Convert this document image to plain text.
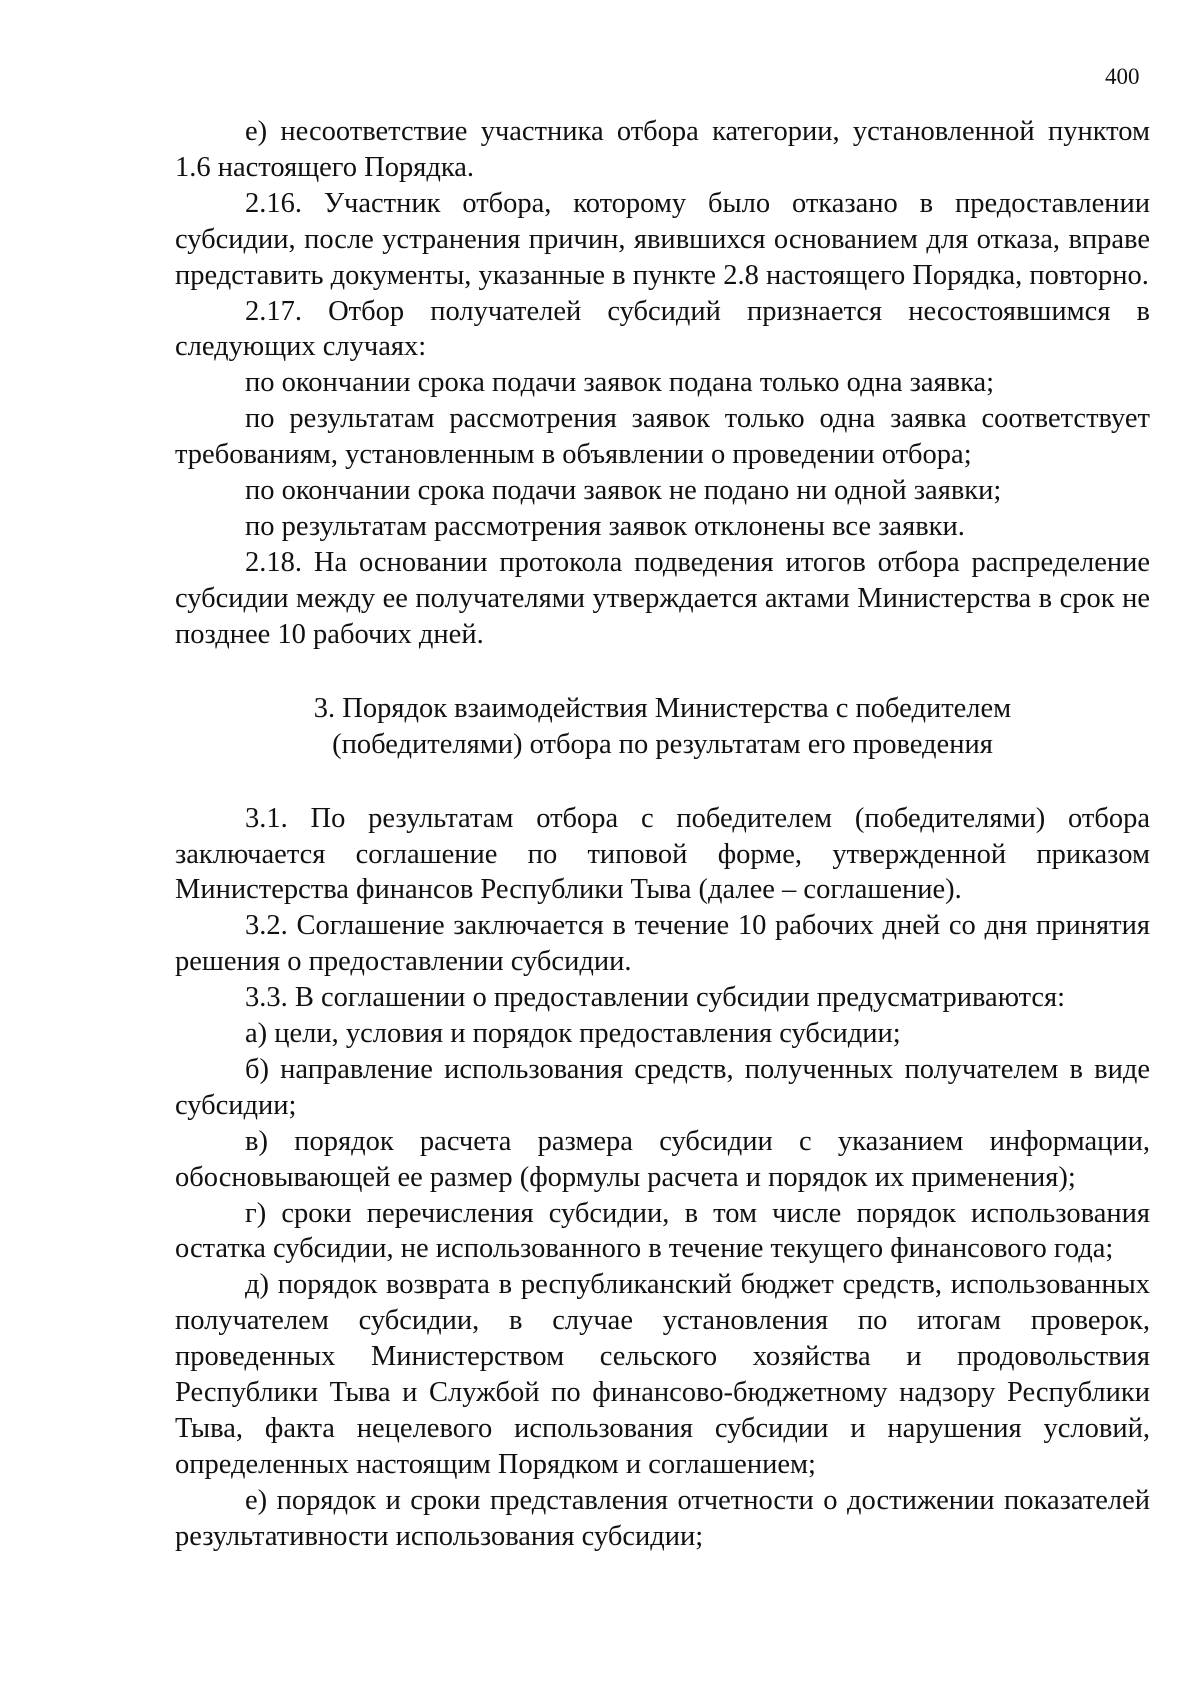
400

е) несоответствие участника отбора категории, установленной пунктом 1.6 настоящего Порядка.

2.16. Участник отбора, которому было отказано в предоставлении субсидии, после устранения причин, явившихся основанием для отказа, вправе представить документы, указанные в пункте 2.8 настоящего Порядка, повторно.

2.17. Отбор получателей субсидий признается несостоявшимся в следующих случаях:

по окончании срока подачи заявок подана только одна заявка;

по результатам рассмотрения заявок только одна заявка соответствует требованиям, установленным в объявлении о проведении отбора;

по окончании срока подачи заявок не подано ни одной заявки;

по результатам рассмотрения заявок отклонены все заявки.

2.18. На основании протокола подведения итогов отбора распределение субсидии между ее получателями утверждается актами Министерства в срок не позднее 10 рабочих дней.

3. Порядок взаимодействия Министерства с победителем
(победителями) отбора по результатам его проведения

3.1. По результатам отбора с победителем (победителями) отбора заключается соглашение по типовой форме, утвержденной приказом Министерства финансов Республики Тыва (далее – соглашение).

3.2. Соглашение заключается в течение 10 рабочих дней со дня принятия решения о предоставлении субсидии.

3.3. В соглашении о предоставлении субсидии предусматриваются:

а) цели, условия и порядок предоставления субсидии;

б) направление использования средств, полученных получателем в виде субсидии;

в) порядок расчета размера субсидии с указанием информации, обосновывающей ее размер (формулы расчета и порядок их применения);

г) сроки перечисления субсидии, в том числе порядок использования остатка субсидии, не использованного в течение текущего финансового года;

д) порядок возврата в республиканский бюджет средств, использованных получателем субсидии, в случае установления по итогам проверок, проведенных Министерством сельского хозяйства и продовольствия Республики Тыва и Службой по финансово-бюджетному надзору Республики Тыва, факта нецелевого использования субсидии и нарушения условий, определенных настоящим Порядком и соглашением;

е) порядок и сроки представления отчетности о достижении показателей результативности использования субсидии;
